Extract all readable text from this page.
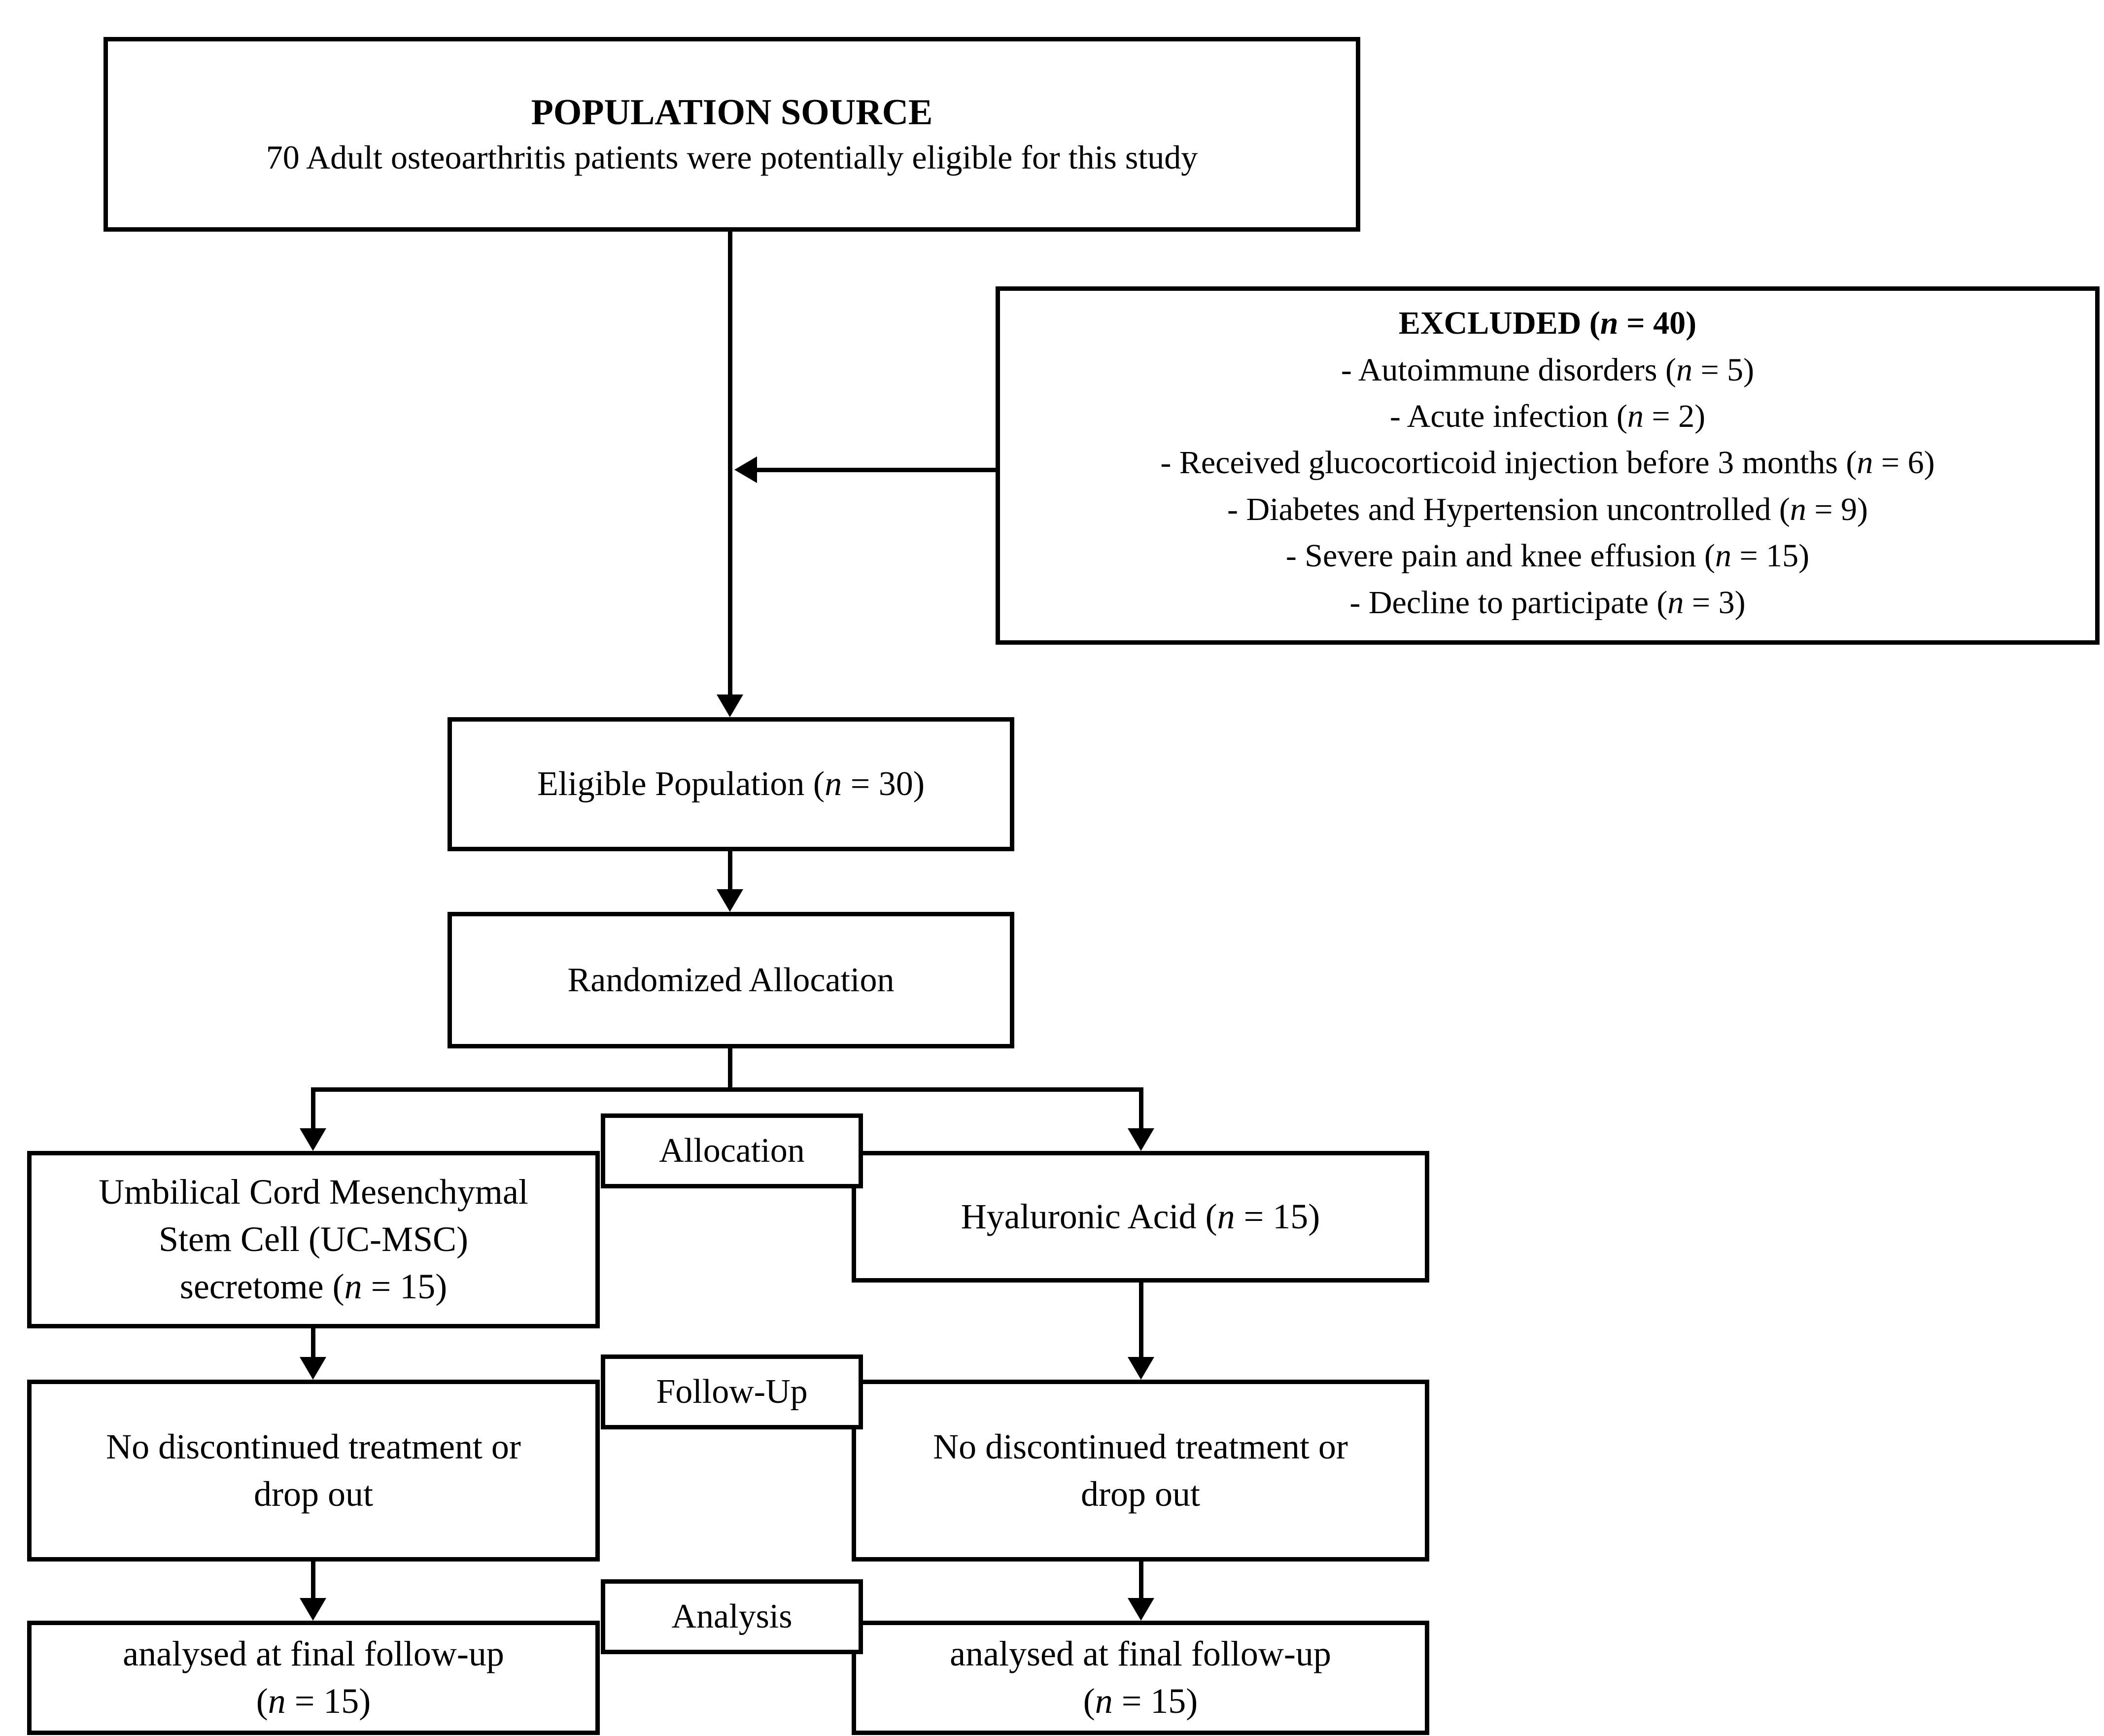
POPULATION SOURCE
70 Adult osteoarthritis patients were potentially eligible for this study
EXCLUDED (n = 40)
- Autoimmune disorders (n = 5)
- Acute infection (n = 2)
- Received glucocorticoid injection before 3 months (n = 6)
- Diabetes and Hypertension uncontrolled (n = 9)
- Severe pain and knee effusion (n = 15)
- Decline to participate (n = 3)
Eligible Population (n = 30)
Randomized Allocation
Allocation
Umbilical Cord Mesenchymal
Stem Cell (UC-MSC)
secretome (n = 15)
Hyaluronic Acid (n = 15)
Follow-Up
No discontinued treatment or
drop out
No discontinued treatment or
drop out
Analysis
analysed at final follow-up
(n = 15)
analysed at final follow-up
(n = 15)
